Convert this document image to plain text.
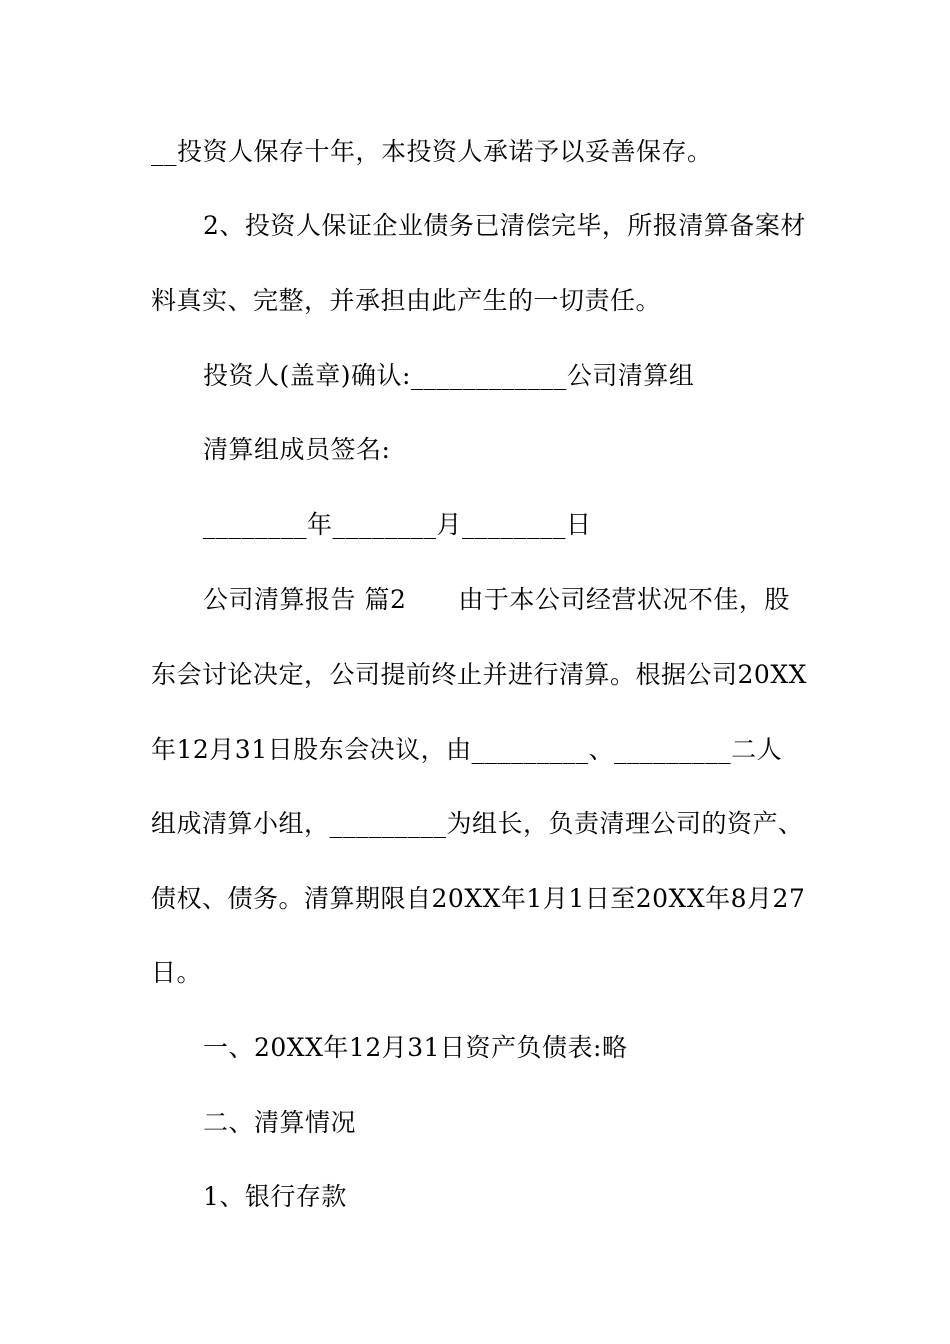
__投资人保存十年，本投资人承诺予以妥善保存。
2、投资人保证企业债务已清偿完毕，所报清算备案材
料真实、完整，并承担由此产生的一切责任。
投资人(盖章)确认:____________公司清算组
清算组成员签名:
________年________月________日
公司清算报告 篇2 由于本公司经营状况不佳，股
东会讨论决定，公司提前终止并进行清算。根据公司20XX
年12月31日股东会决议，由_________、_________二人
组成清算小组，_________为组长，负责清理公司的资产、
债权、债务。清算期限自20XX年1月1日至20XX年8月27
日。
一、20XX年12月31日资产负债表:略
二、清算情况
1、银行存款
